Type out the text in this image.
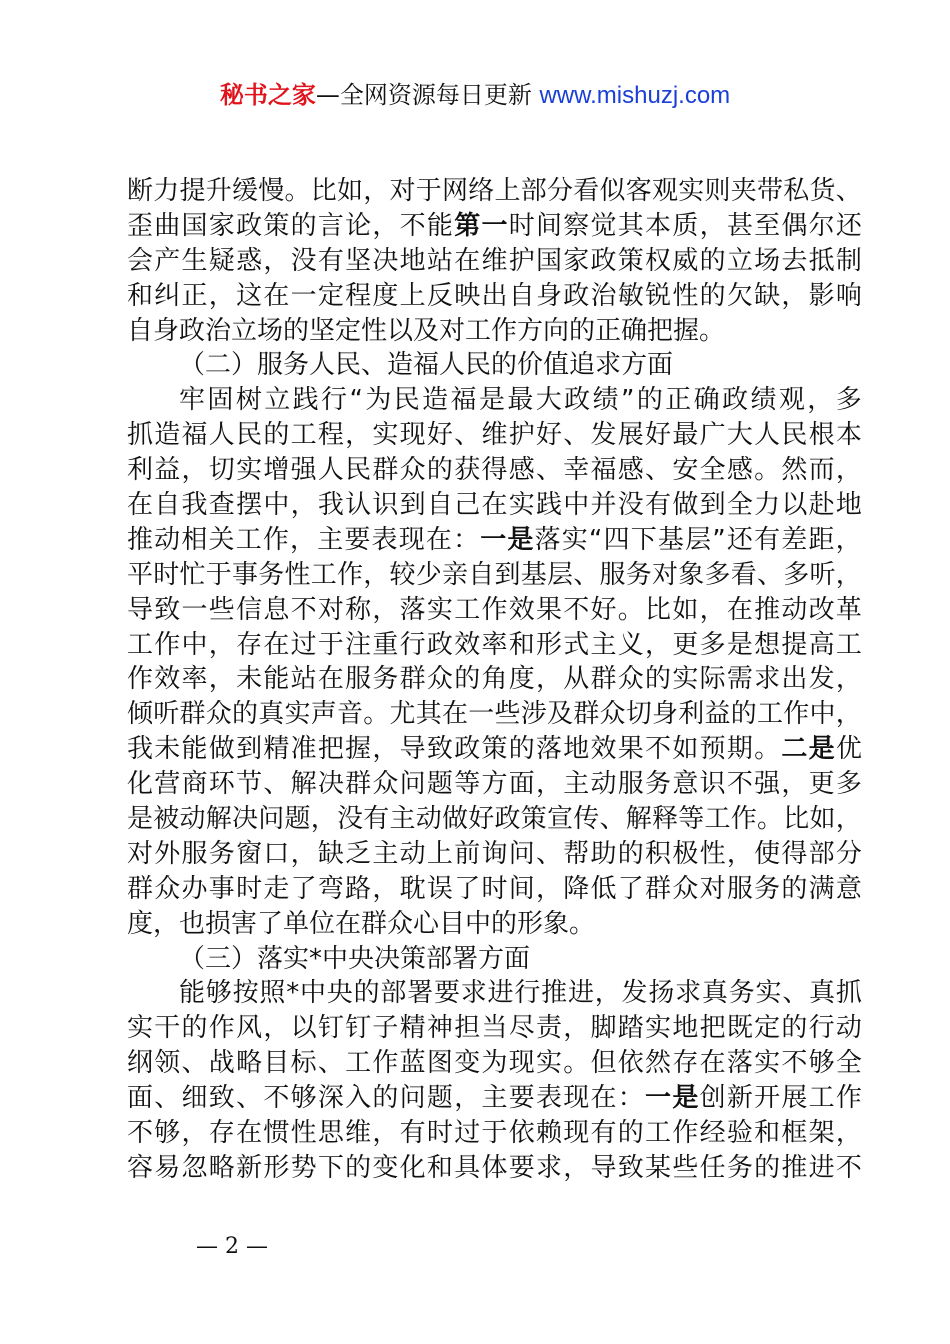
秘书之家—全网资源每日更新 www.mishuzj.com
断 力 提 升 缓 慢 。 比 如 ， 对 于 网 络 上 部 分 看 似 客 观 实 则 夹 带 私 货 、
歪 曲 国 家 政 策 的 言 论 ， 不 能 第 一 时 间 察 觉 其 本 质 ， 甚 至 偶 尔 还
会 产 生 疑 惑 ， 没 有 坚 决 地 站 在 维 护 国 家 政 策 权 威 的 立 场 去 抵 制
和 纠 正 ， 这 在 一 定 程 度 上 反 映 出 自 身 政 治 敏 锐 性 的 欠 缺 ， 影 响
自身政治立场的坚定性以及对工作方向的正确把握。
（二）服务人民、造福人民的价值追求方面
牢 固 树 立 践 行 “ 为 民 造 福 是 最 大 政 绩 ” 的 正 确 政 绩 观 ， 多
抓 造 福 人 民 的 工 程 ， 实 现 好 、 维 护 好 、 发 展 好 最 广 大 人 民 根 本
利 益 ， 切 实 增 强 人 民 群 众 的 获 得 感 、 幸 福 感 、 安 全 感 。 然 而 ，
在 自 我 查 摆 中 ， 我 认 识 到 自 己 在 实 践 中 并 没 有 做 到 全 力 以 赴 地
推 动 相 关 工 作 ， 主 要 表 现 在 ： 一 是 落 实 “ 四 下 基 层 ” 还 有 差 距 ，
平 时 忙 于 事 务 性 工 作 ， 较 少 亲 自 到 基 层 、 服 务 对 象 多 看 、 多 听 ，
导 致 一 些 信 息 不 对 称 ， 落 实 工 作 效 果 不 好 。 比 如 ， 在 推 动 改 革
工 作 中 ， 存 在 过 于 注 重 行 政 效 率 和 形 式 主 义 ， 更 多 是 想 提 高 工
作 效 率 ， 未 能 站 在 服 务 群 众 的 角 度 ， 从 群 众 的 实 际 需 求 出 发 ，
倾 听 群 众 的 真 实 声 音 。 尤 其 在 一 些 涉 及 群 众 切 身 利 益 的 工 作 中 ，
我 未 能 做 到 精 准 把 握 ， 导 致 政 策 的 落 地 效 果 不 如 预 期 。 二 是 优
化 营 商 环 节 、 解 决 群 众 问 题 等 方 面 ， 主 动 服 务 意 识 不 强 ， 更 多
是 被 动 解 决 问 题 ， 没 有 主 动 做 好 政 策 宣 传 、 解 释 等 工 作 。 比 如 ，
对 外 服 务 窗 口 ， 缺 乏 主 动 上 前 询 问 、 帮 助 的 积 极 性 ， 使 得 部 分
群 众 办 事 时 走 了 弯 路 ， 耽 误 了 时 间 ， 降 低 了 群 众 对 服 务 的 满 意
度，也损害了单位在群众心目中的形象。
（三）落实*中央决策部署方面
能 够 按 照 * 中 央 的 部 署 要 求 进 行 推 进 ， 发 扬 求 真 务 实 、 真 抓
实 干 的 作 风 ， 以 钉 钉 子 精 神 担 当 尽 责 ， 脚 踏 实 地 把 既 定 的 行 动
纲 领 、 战 略 目 标 、 工 作 蓝 图 变 为 现 实 。 但 依 然 存 在 落 实 不 够 全
面 、 细 致 、 不 够 深 入 的 问 题 ， 主 要 表 现 在 ： 一 是 创 新 开 展 工 作
不 够 ， 存 在 惯 性 思 维 ， 有 时 过 于 依 赖 现 有 的 工 作 经 验 和 框 架 ，
容 易 忽 略 新 形 势 下 的 变 化 和 具 体 要 求 ， 导 致 某 些 任 务 的 推 进 不
— 2 —
